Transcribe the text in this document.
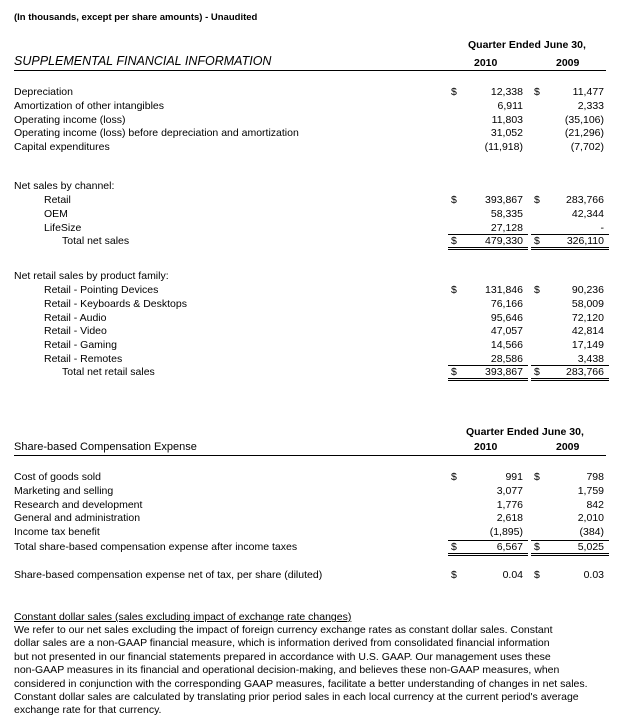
(In thousands, except per share amounts) - Unaudited
Quarter Ended June 30,
SUPPLEMENTAL FINANCIAL INFORMATION	2010	2009
Depreciation	$	12,338 $	11,477
Amortization of other intangibles	6,911	2,333
Operating income (loss)	11,803	(35,106)
Operating income (loss) before depreciation and amortization	31,052	(21,296)
Capital expenditures	(11,918)	(7,702)
Net sales by channel:
Retail	$	393,867 $	283,766
OEM	58,335	42,344
LifeSize	27,128	-
Total net sales	$	479,330 $	326,110
Net retail sales by product family:
Retail - Pointing Devices	$	131,846 $	90,236
Retail - Keyboards & Desktops	76,166	58,009
Retail - Audio	95,646	72,120
Retail - Video	47,057	42,814
Retail - Gaming	14,566	17,149
Retail - Remotes	28,586	3,438
Total net retail sales	$	393,867 $	283,766
Quarter Ended June 30,
Share-based Compensation Expense	2010	2009
Cost of goods sold	$	991 $	798
Marketing and selling	3,077	1,759
Research and development	1,776	842
General and administration	2,618	2,010
Income tax benefit	(1,895)	(384)
Total share-based compensation expense after income taxes	$	6,567 $	5,025
Share-based compensation expense net of tax, per share (diluted)	$	0.04 $	0.03
Constant dollar sales (sales excluding impact of exchange rate changes)
We refer to our net sales excluding the impact of foreign currency exchange rates as constant dollar sales. Constant
dollar sales are a non-GAAP financial measure, which is information derived from consolidated financial information
but not presented in our financial statements prepared in accordance with U.S. GAAP. Our management uses these
non-GAAP measures in its financial and operational decision-making, and believes these non-GAAP measures, when
considered in conjunction with the corresponding GAAP measures, facilitate a better understanding of changes in net sales.
Constant dollar sales are calculated by translating prior period sales in each local currency at the current period's average
exchange rate for that currency.
